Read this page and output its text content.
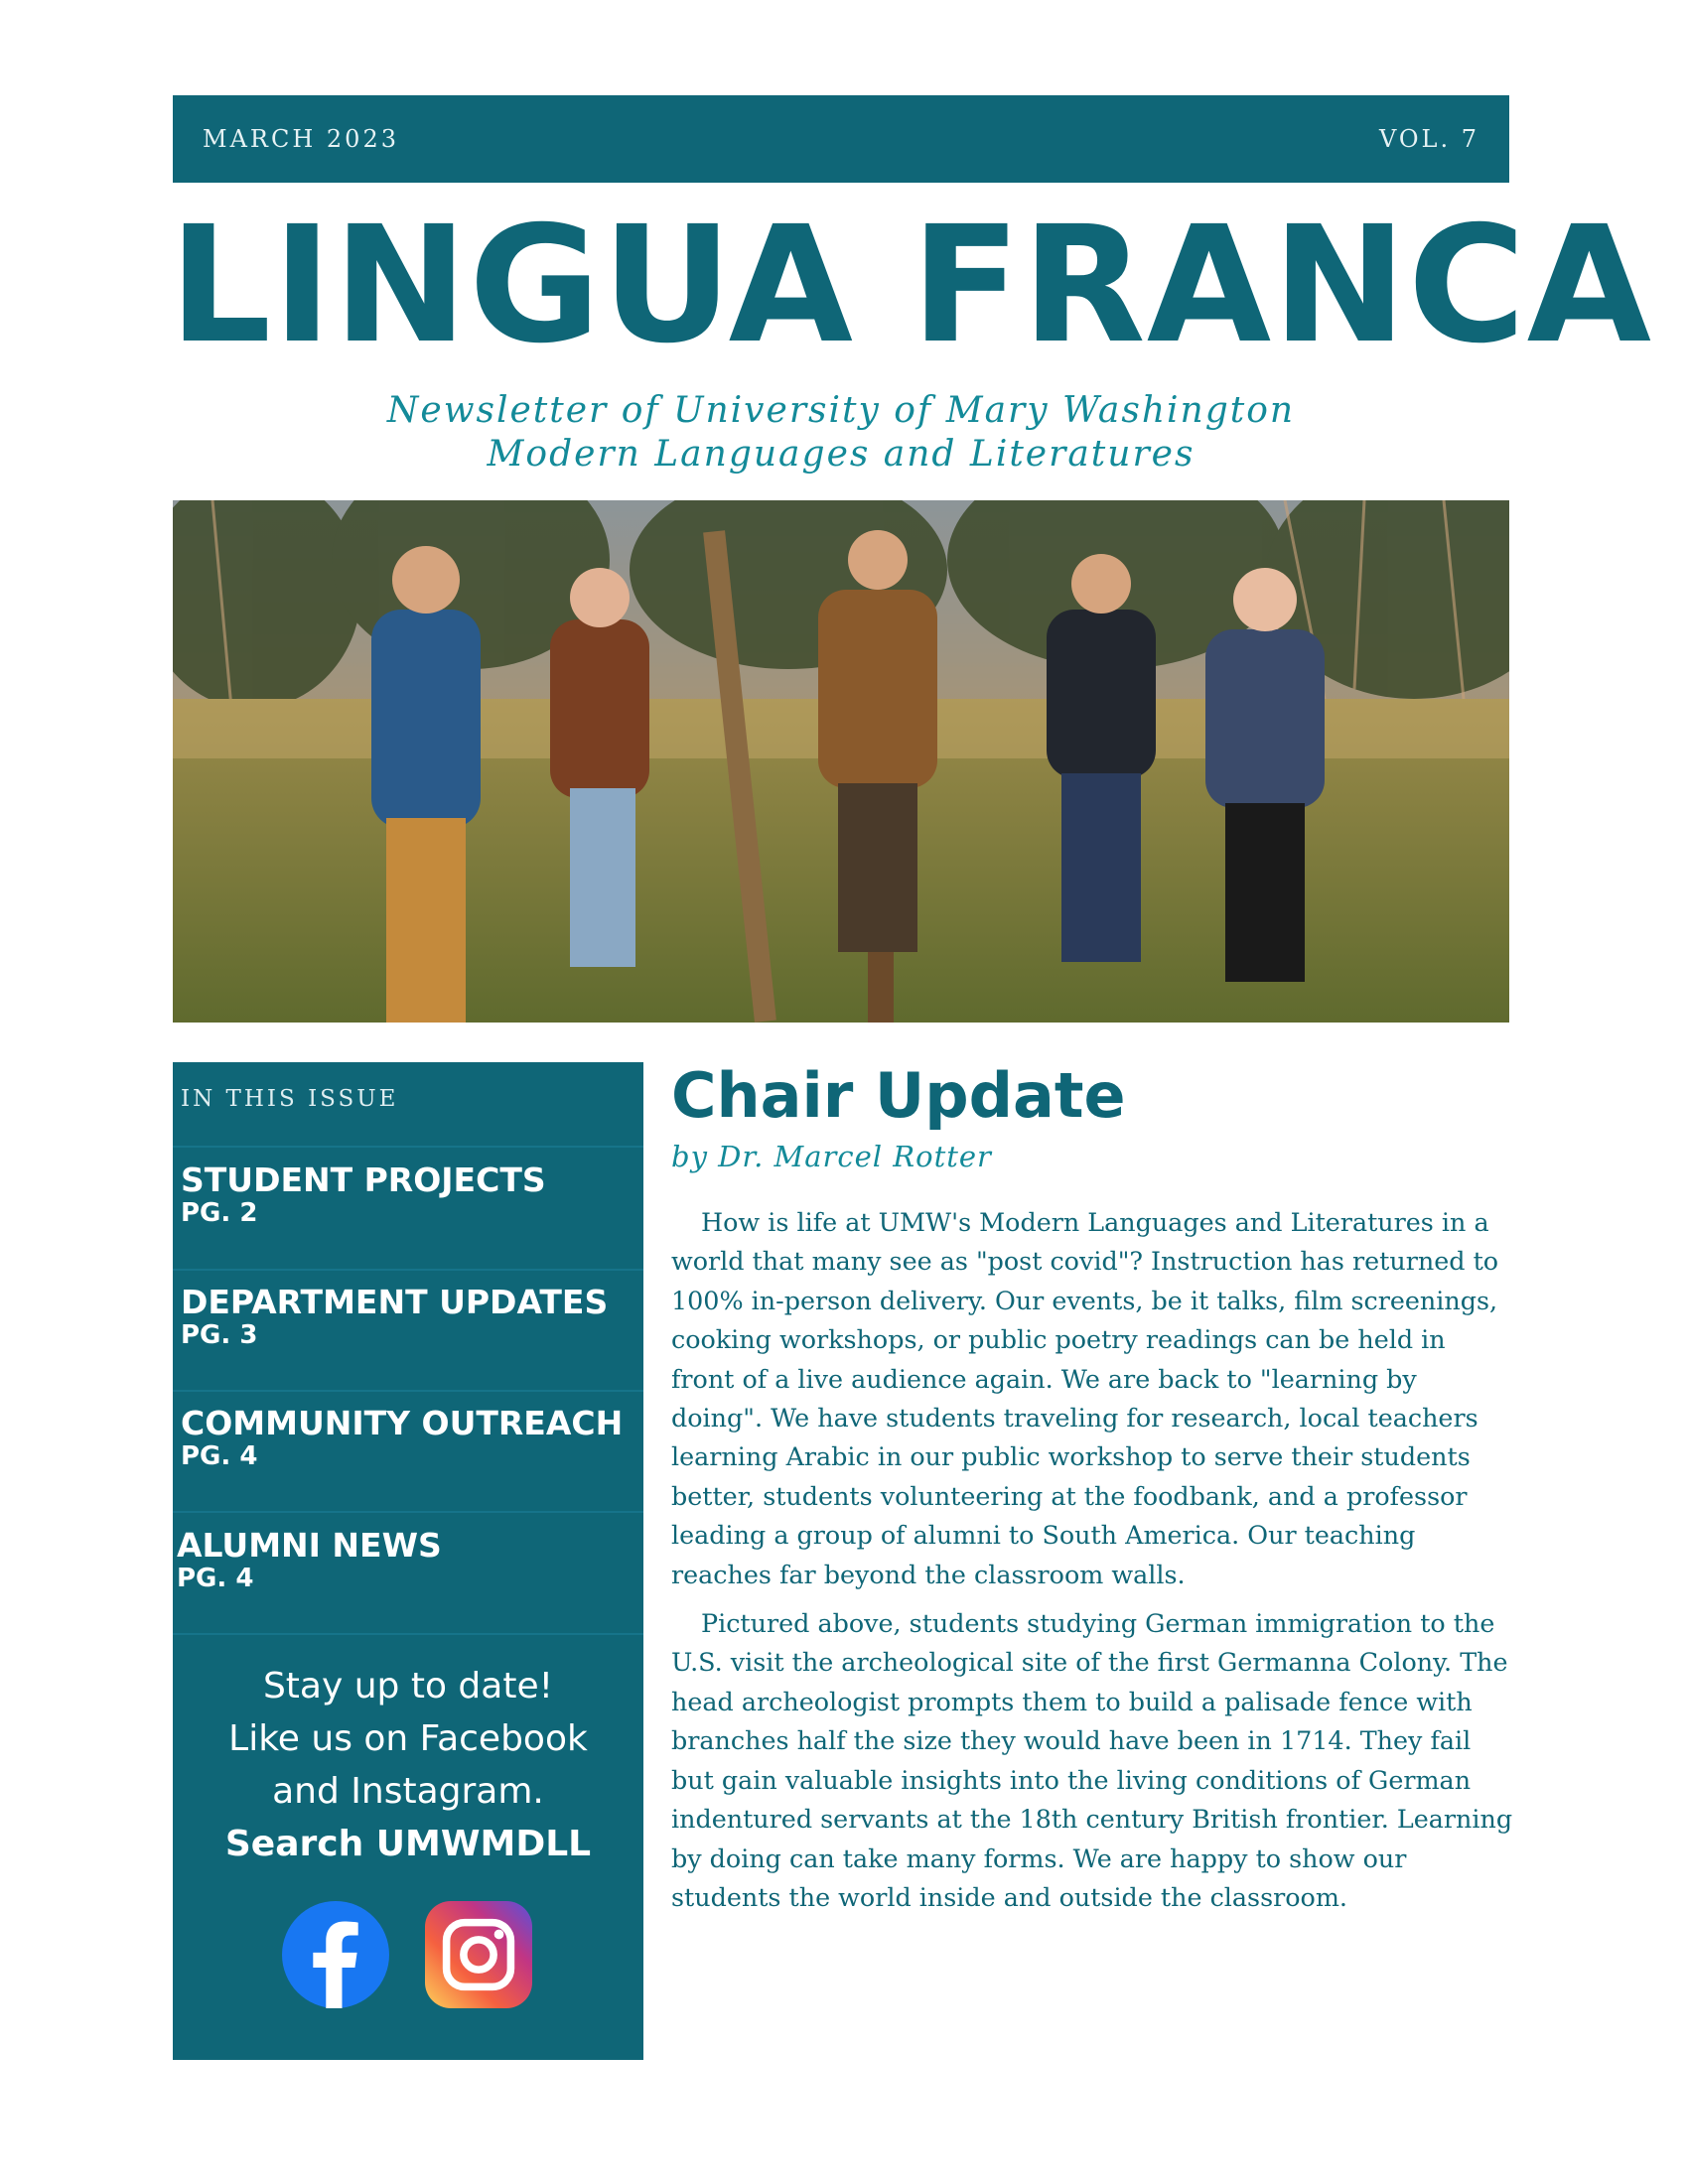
MARCH 2023	VOL. 7
LINGUA FRANCA
Newsletter of University of Mary Washington
Modern Languages and Literatures
IN THIS ISSUE
STUDENT PROJECTS
PG. 2
DEPARTMENT UPDATES
PG. 3
COMMUNITY OUTREACH
PG. 4
ALUMNI NEWS
PG. 4
Stay up to date!
Like us on Facebook
and Instagram.
Search UMWMDLL
Chair Update
by Dr. Marcel Rotter

How is life at UMW's Modern Languages and Literatures in a world that many see as "post covid"? Instruction has returned to 100% in-person delivery. Our events, be it talks, film screenings, cooking workshops, or public poetry readings can be held in front of a live audience again. We are back to "learning by doing". We have students traveling for research, local teachers learning Arabic in our public workshop to serve their students better, students volunteering at the foodbank, and a professor leading a group of alumni to South America. Our teaching reaches far beyond the classroom walls.

Pictured above, students studying German immigration to the U.S. visit the archeological site of the first Germanna Colony. The head archeologist prompts them to build a palisade fence with branches half the size they would have been in 1714. They fail but gain valuable insights into the living conditions of German indentured servants at the 18th century British frontier. Learning by doing can take many forms. We are happy to show our students the world inside and outside the classroom.
